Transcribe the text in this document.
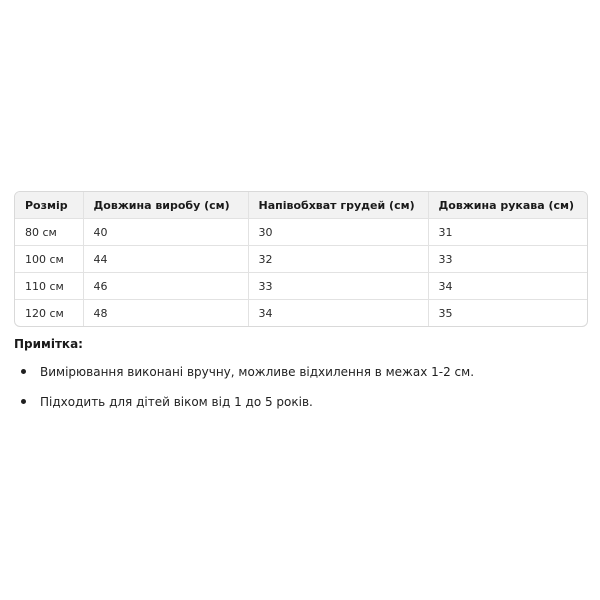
Розмір	Довжина виробу (см)	Напівобхват грудей (см)	Довжина рукава (см)
80 см	40	30	31
100 см	44	32	33
110 см	46	33	34
120 см	48	34	35
Примітка:
Вимірювання виконані вручну, можливе відхилення в межах 1-2 см.
Підходить для дітей віком від 1 до 5 років.
